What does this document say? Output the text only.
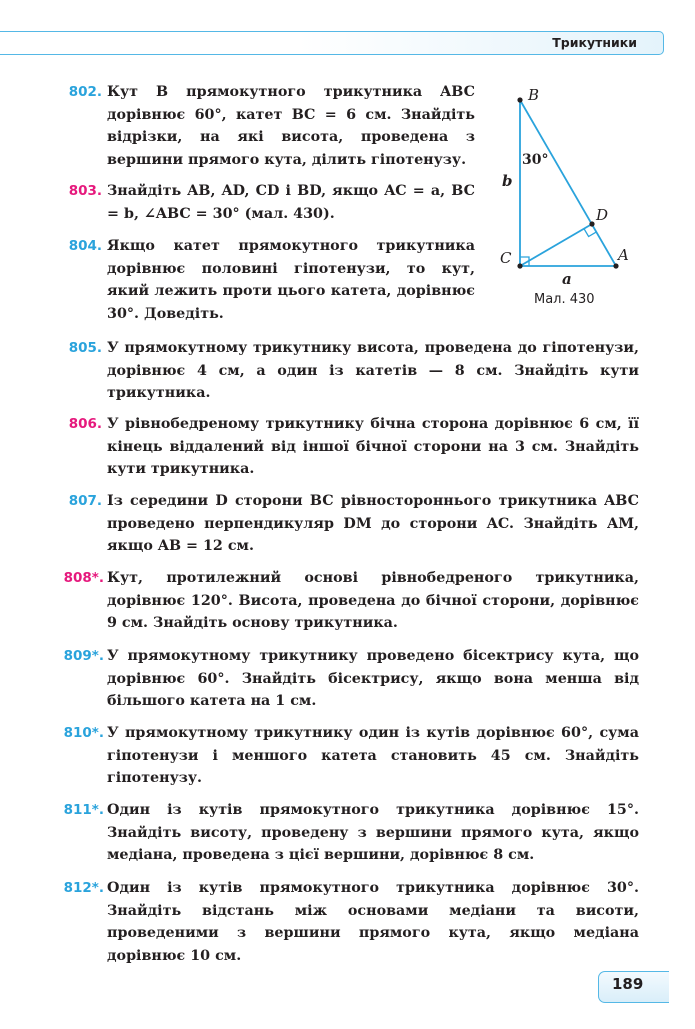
Трикутники
B
C	A
D
b
a
30°
Мал. 430
802. Кут B прямокутного трикутника ABC дорівнює 60°, катет BC = 6 см. Знайдіть відрізки, на які висота, проведена з вершини прямого кута, ділить гіпотенузу.
803. Знайдіть AB, AD, CD і BD, якщо AC = a, BC = b, ∠ABC = 30° (мал. 430).
804. Якщо катет прямокутного трикутника дорівнює половині гіпотенузи, то кут, який лежить проти цього катета, дорівнює 30°. Доведіть.
805. У прямокутному трикутнику висота, проведена до гіпотенузи, дорівнює 4 см, а один із катетів — 8 см. Знайдіть кути трикутника.
806. У рівнобедреному трикутнику бічна сторона дорівнює 6 см, її кінець віддалений від іншої бічної сторони на 3 см. Знайдіть кути трикутника.
807. Із середини D сторони BC рівностороннього трикутника ABC проведено перпендикуляр DM до сторони AC. Знайдіть AM, якщо AB = 12 см.
808*. Кут, протилежний основі рівнобедреного трикутника, дорівнює 120°. Висота, проведена до бічної сторони, дорівнює 9 см. Знайдіть основу трикутника.
809*. У прямокутному трикутнику проведено бісектрису кута, що дорівнює 60°. Знайдіть бісектрису, якщо вона менша від більшого катета на 1 см.
810*. У прямокутному трикутнику один із кутів дорівнює 60°, сума гіпотенузи і меншого катета становить 45 см. Знайдіть гіпотенузу.
811*. Один із кутів прямокутного трикутника дорівнює 15°. Знайдіть висоту, проведену з вершини прямого кута, якщо медіана, проведена з цієї вершини, дорівнює 8 см.
812*. Один із кутів прямокутного трикутника дорівнює 30°. Знайдіть відстань між основами медіани та висоти, проведеними з вершини прямого кута, якщо медіана дорівнює 10 см.
189
